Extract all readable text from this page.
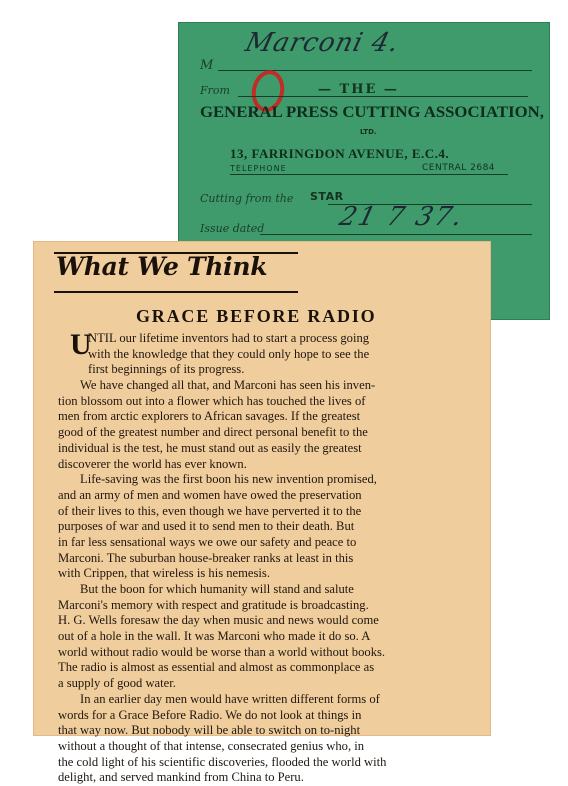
M
Marconi 4.
From	— THE —
GENERAL PRESS CUTTING ASSOCIATION,
LTD.
13, FARRINGDON AVENUE, E.C.4.
TELEPHONE	CENTRAL 2684
Cutting from the STAR
Issue dated	21 7 37.
What We Think
GRACE BEFORE RADIO
U
NTIL our lifetime inventors had to start a process going
with the knowledge that they could only hope to see the
first beginnings of its progress.
We have changed all that, and Marconi has seen his inven-
tion blossom out into a flower which has touched the lives of
men from arctic explorers to African savages. If the greatest
good of the greatest number and direct personal benefit to the
individual is the test, he must stand out as easily the greatest
discoverer the world has ever known.
Life-saving was the first boon his new invention promised,
and an army of men and women have owed the preservation
of their lives to this, even though we have perverted it to the
purposes of war and used it to send men to their death. But
in far less sensational ways we owe our safety and peace to
Marconi. The suburban house-breaker ranks at least in this
with Crippen, that wireless is his nemesis.
But the boon for which humanity will stand and salute
Marconi's memory with respect and gratitude is broadcasting.
H. G. Wells foresaw the day when music and news would come
out of a hole in the wall. It was Marconi who made it do so. A
world without radio would be worse than a world without books.
The radio is almost as essential and almost as commonplace as
a supply of good water.
In an earlier day men would have written different forms of
words for a Grace Before Radio. We do not look at things in
that way now. But nobody will be able to switch on to-night
without a thought of that intense, consecrated genius who, in
the cold light of his scientific discoveries, flooded the world with
delight, and served mankind from China to Peru.
